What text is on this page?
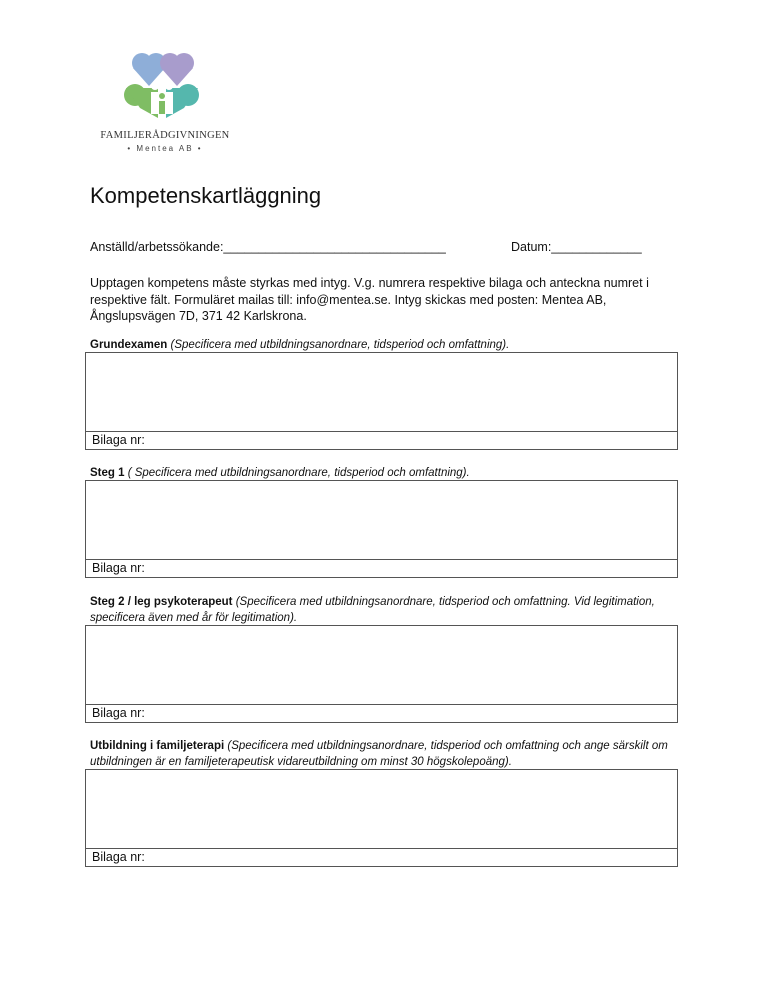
FAMILJERÅDGIVNINGEN
• Mentea AB •
Kompetenskartläggning
Anställd/arbetssökande:________________________________	Datum:_____________
Upptagen kompetens måste styrkas med intyg. V.g. numrera respektive bilaga och anteckna numret i respektive fält. Formuläret mailas till: info@mentea.se. Intyg skickas med posten: Mentea AB, Ångslupsvägen 7D, 371 42 Karlskrona.
Grundexamen (Specificera med utbildningsanordnare, tidsperiod och omfattning).
Bilaga nr:
Steg 1 ( Specificera med utbildningsanordnare, tidsperiod och omfattning).
Bilaga nr:
Steg 2 / leg psykoterapeut (Specificera med utbildningsanordnare, tidsperiod och omfattning. Vid legitimation, specificera även med år för legitimation).
Bilaga nr:
Utbildning i familjeterapi (Specificera med utbildningsanordnare, tidsperiod och omfattning och ange särskilt om utbildningen är en familjeterapeutisk vidareutbildning om minst 30 högskolepoäng).
Bilaga nr:
